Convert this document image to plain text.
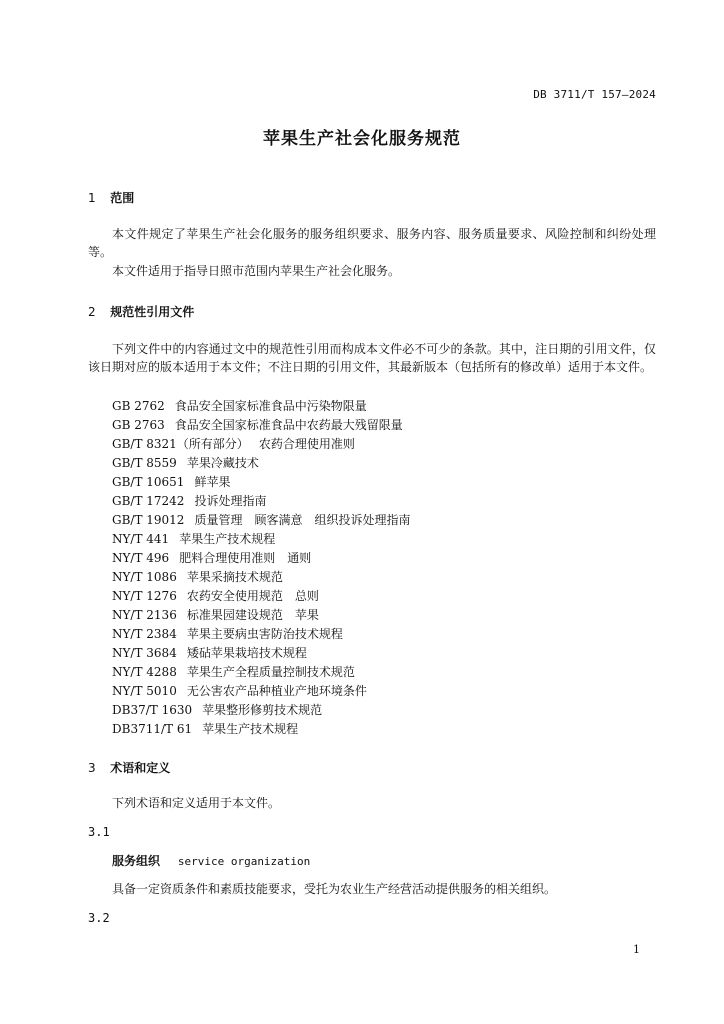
DB 3711/T 157—2024
苹果生产社会化服务规范
1 范围
本文件规定了苹果生产社会化服务的服务组织要求、服务内容、服务质量要求、风险控制和纠纷处理等。
本文件适用于指导日照市范围内苹果生产社会化服务。
2 规范性引用文件
下列文件中的内容通过文中的规范性引用而构成本文件必不可少的条款。其中，注日期的引用文件，仅该日期对应的版本适用于本文件；不注日期的引用文件，其最新版本（包括所有的修改单）适用于本文件。
GB 2762 食品安全国家标准食品中污染物限量
GB 2763 食品安全国家标准食品中农药最大残留限量
GB/T 8321（所有部分） 农药合理使用准则
GB/T 8559 苹果冷藏技术
GB/T 10651 鲜苹果
GB/T 17242 投诉处理指南
GB/T 19012 质量管理　顾客满意　组织投诉处理指南
NY/T 441 苹果生产技术规程
NY/T 496 肥料合理使用准则　通则
NY/T 1086 苹果采摘技术规范
NY/T 1276 农药安全使用规范　总则
NY/T 2136 标准果园建设规范　苹果
NY/T 2384 苹果主要病虫害防治技术规程
NY/T 3684 矮砧苹果栽培技术规程
NY/T 4288 苹果生产全程质量控制技术规范
NY/T 5010 无公害农产品种植业产地环境条件
DB37/T 1630 苹果整形修剪技术规范
DB3711/T 61 苹果生产技术规程
3 术语和定义
下列术语和定义适用于本文件。
3.1
服务组织 service organization
具备一定资质条件和素质技能要求，受托为农业生产经营活动提供服务的相关组织。
3.2
1
